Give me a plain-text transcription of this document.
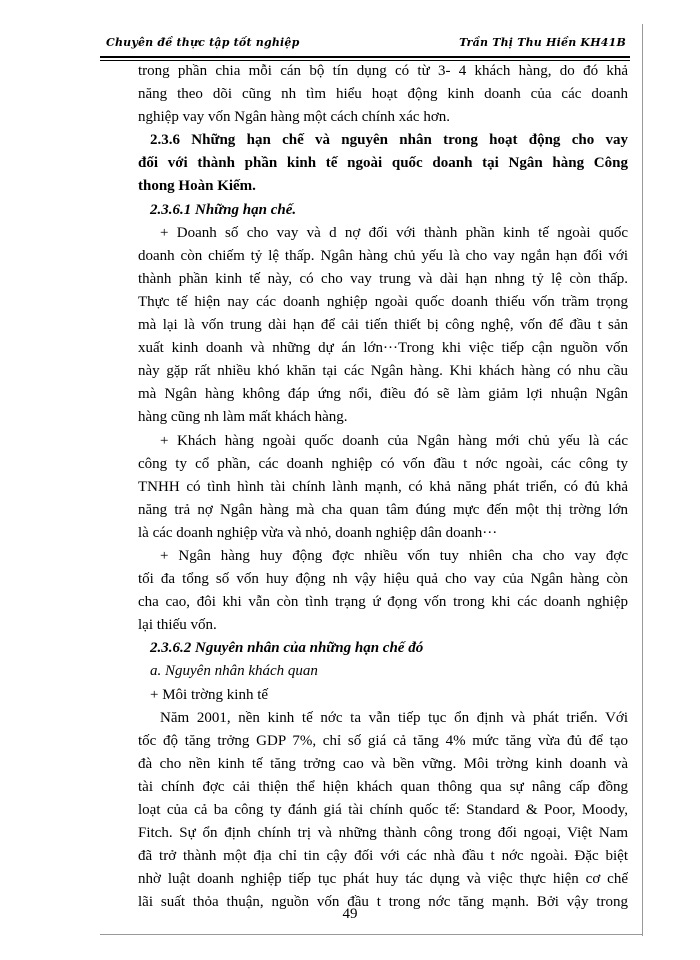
Chuyên đề thực tập tốt nghiệp	Trần Thị Thu Hiền KH41B
trong phần chia mỗi cán bộ tín dụng có từ 3- 4 khách hàng, do đó khả
năng theo dõi cũng nh tìm hiểu hoạt động kinh doanh của các doanh
nghiệp vay vốn Ngân hàng một cách chính xác hơn.
2.3.6 Những hạn chế và nguyên nhân trong hoạt động cho vay
đối với thành phần kinh tế ngoài quốc doanh tại Ngân hàng Công
thong Hoàn Kiếm.
2.3.6.1 Những hạn chế.
+ Doanh số cho vay và d nợ đối với thành phần kinh tế ngoài quốc
doanh còn chiếm tỷ lệ thấp. Ngân hàng chủ yếu là cho vay ngắn hạn đối với
thành phần kinh tế này, có cho vay trung và dài hạn nhng tỷ lệ còn thấp.
Thực tế hiện nay các doanh nghiệp ngoài quốc doanh thiếu vốn trầm trọng
mà lại là vốn trung dài hạn để cải tiến thiết bị công nghệ, vốn để đầu t sản
xuất kinh doanh và những dự án lớn···Trong khi việc tiếp cận nguồn vốn
này gặp rất nhiều khó khăn tại các Ngân hàng. Khi khách hàng có nhu cầu
mà Ngân hàng không đáp ứng nổi, điều đó sẽ làm giảm lợi nhuận Ngân
hàng cũng nh làm mất khách hàng.
+ Khách hàng ngoài quốc doanh của Ngân hàng mới chủ yếu là các
công ty cổ phần, các doanh nghiệp có vốn đầu t nớc ngoài, các công ty
TNHH có tình hình tài chính lành mạnh, có khả năng phát triển, có đủ khả
năng trả nợ Ngân hàng mà cha quan tâm đúng mực đến một thị trờng lớn
là các doanh nghiệp vừa và nhỏ, doanh nghiệp dân doanh···
+ Ngân hàng huy động đợc nhiều vốn tuy nhiên cha cho vay đợc
tối đa tổng số vốn huy động nh vậy hiệu quả cho vay của Ngân hàng còn
cha cao, đôi khi vẫn còn tình trạng ứ đọng vốn trong khi các doanh nghiệp
lại thiếu vốn.
2.3.6.2 Nguyên nhân của những hạn chế đó
a. Nguyên nhân khách quan
+ Môi trờng kinh tế
Năm 2001, nền kinh tế nớc ta vẫn tiếp tục ổn định và phát triển. Với
tốc độ tăng trởng GDP 7%, chỉ số giá cả tăng 4% mức tăng vừa đủ để tạo
đà cho nền kinh tế tăng trởng cao và bền vững. Môi trờng kinh doanh và
tài chính đợc cải thiện thể hiện khách quan thông qua sự nâng cấp đồng
loạt của cả ba công ty đánh giá tài chính quốc tế: Standard & Poor, Moody,
Fitch. Sự ổn định chính trị và những thành công trong đối ngoại, Việt Nam
đã trở thành một địa chỉ tin cậy đối với các nhà đầu t nớc ngoài. Đặc biệt
nhờ luật doanh nghiệp tiếp tục phát huy tác dụng và việc thực hiện cơ chế
lãi suất thỏa thuận, nguồn vốn đầu t trong nớc tăng mạnh. Bởi vậy trong
49
